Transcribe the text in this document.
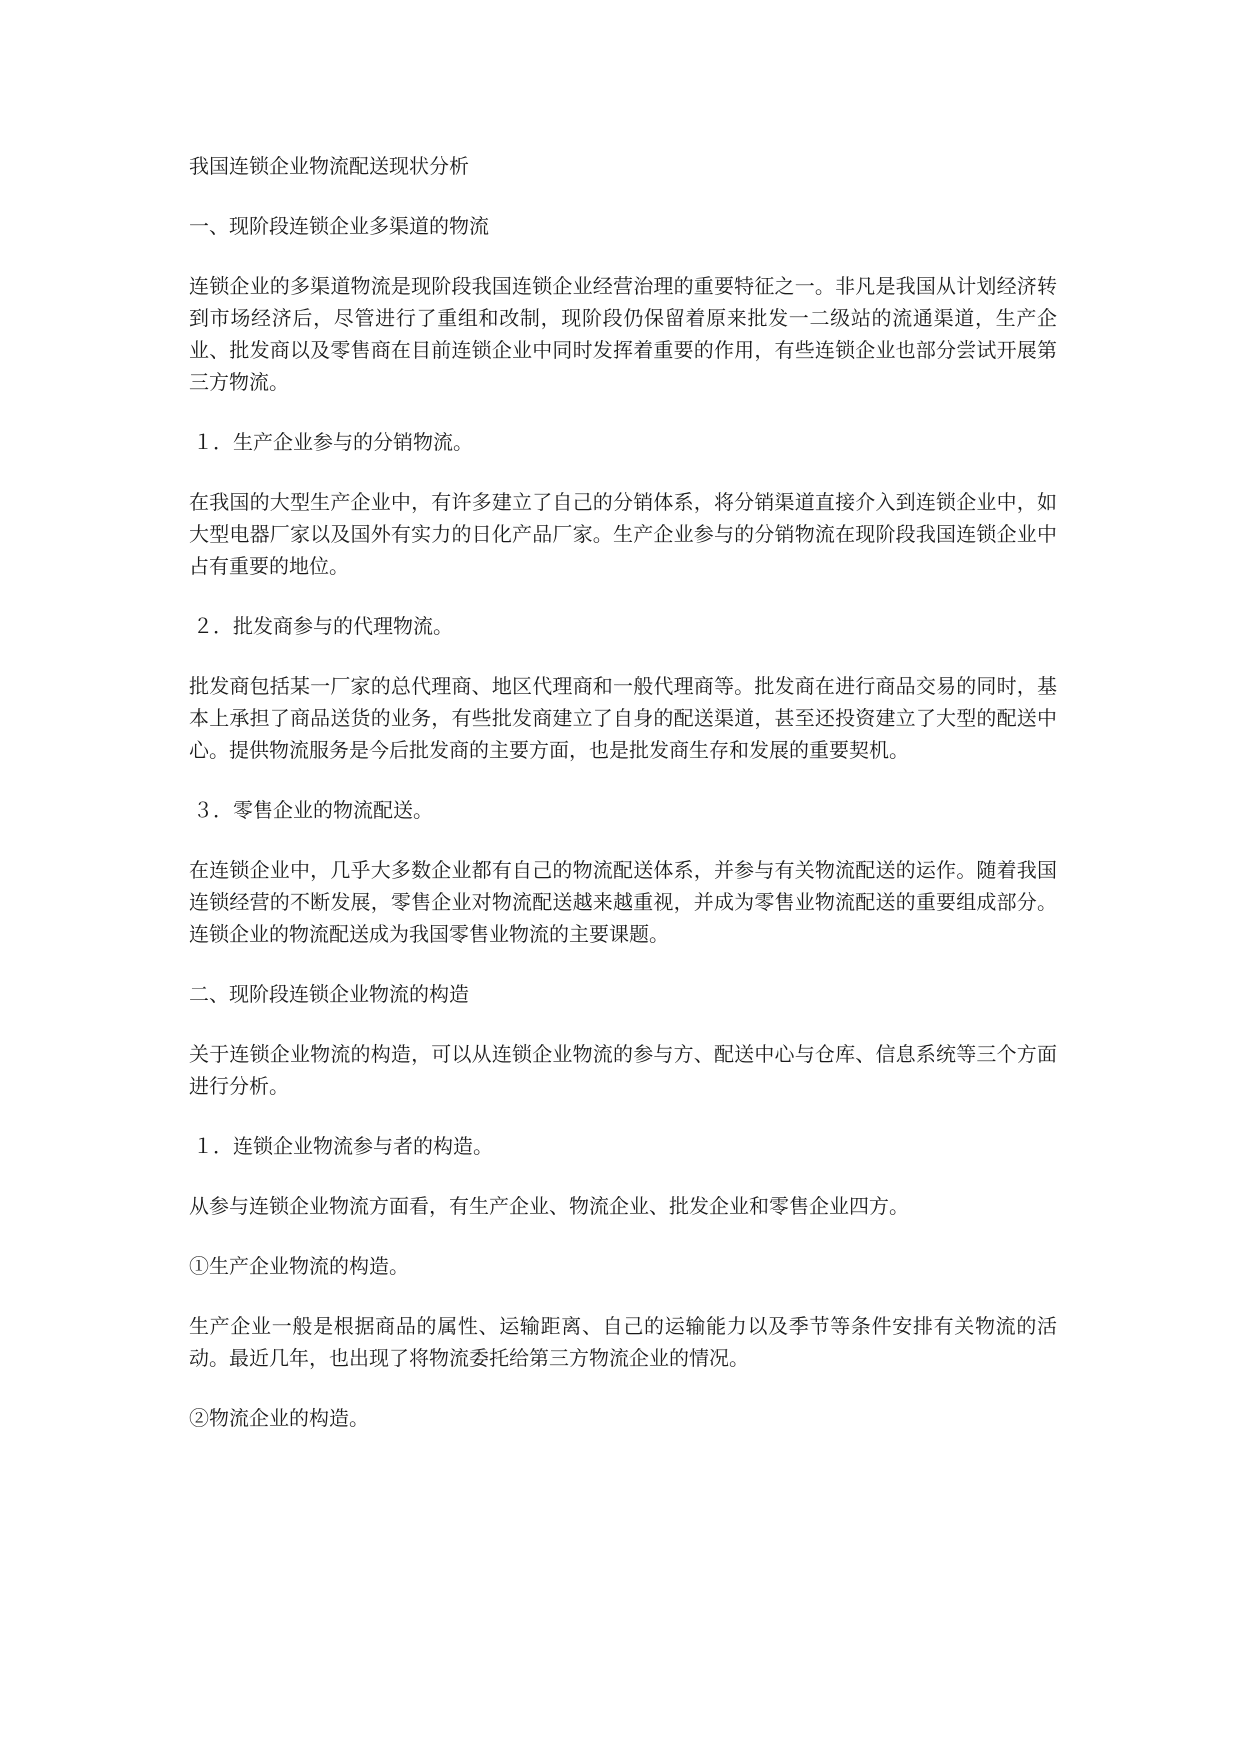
我国连锁企业物流配送现状分析

一、现阶段连锁企业多渠道的物流

连锁企业的多渠道物流是现阶段我国连锁企业经营治理的重要特征之一。非凡是我国从计划经济转到市场经济后，尽管进行了重组和改制，现阶段仍保留着原来批发一二级站的流通渠道，生产企业、批发商以及零售商在目前连锁企业中同时发挥着重要的作用，有些连锁企业也部分尝试开展第三方物流。

１．生产企业参与的分销物流。

在我国的大型生产企业中，有许多建立了自己的分销体系，将分销渠道直接介入到连锁企业中，如大型电器厂家以及国外有实力的日化产品厂家。生产企业参与的分销物流在现阶段我国连锁企业中占有重要的地位。

２．批发商参与的代理物流。

批发商包括某一厂家的总代理商、地区代理商和一般代理商等。批发商在进行商品交易的同时，基本上承担了商品送货的业务，有些批发商建立了自身的配送渠道，甚至还投资建立了大型的配送中心。提供物流服务是今后批发商的主要方面，也是批发商生存和发展的重要契机。

３．零售企业的物流配送。

在连锁企业中，几乎大多数企业都有自己的物流配送体系，并参与有关物流配送的运作。随着我国连锁经营的不断发展，零售企业对物流配送越来越重视，并成为零售业物流配送的重要组成部分。连锁企业的物流配送成为我国零售业物流的主要课题。

二、现阶段连锁企业物流的构造

关于连锁企业物流的构造，可以从连锁企业物流的参与方、配送中心与仓库、信息系统等三个方面进行分析。

１．连锁企业物流参与者的构造。

从参与连锁企业物流方面看，有生产企业、物流企业、批发企业和零售企业四方。

①生产企业物流的构造。

生产企业一般是根据商品的属性、运输距离、自己的运输能力以及季节等条件安排有关物流的活动。最近几年，也出现了将物流委托给第三方物流企业的情况。

②物流企业的构造。
